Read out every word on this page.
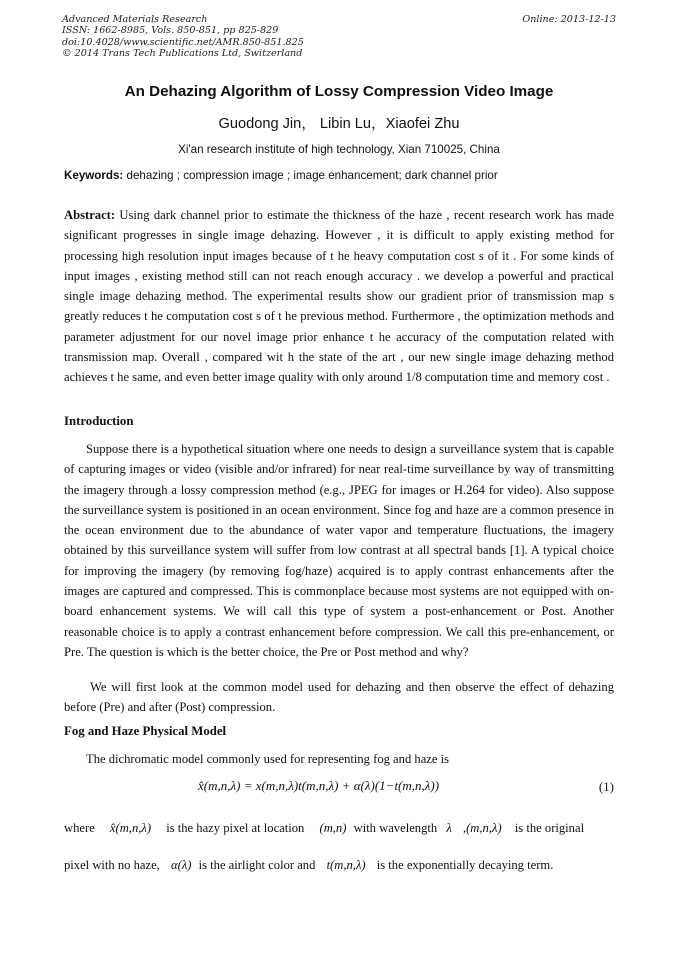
Advanced Materials Research
ISSN: 1662-8985, Vols. 850-851, pp 825-829
doi:10.4028/www.scientific.net/AMR.850-851.825
© 2014 Trans Tech Publications Ltd, Switzerland
Online: 2013-12-13
An Dehazing Algorithm of Lossy Compression Video Image
Guodong Jin， Libin Lu，Xiaofei Zhu
Xi'an research institute of high technology, Xian 710025, China
Keywords: dehazing ; compression image ; image enhancement; dark channel prior

Abstract: Using dark channel prior to estimate the thickness of the haze , recent research work has made significant progresses in single image dehazing. However , it is difficult to apply existing method for processing high resolution input images because of t he heavy computation cost s of it . For some kinds of input images , existing method still can not reach enough accuracy . we develop a powerful and practical single image dehazing method. The experimental results show our gradient prior of transmission map s greatly reduces t he computation cost s of t he previous method. Furthermore , the optimization methods and parameter adjustment for our novel image prior enhance t he accuracy of the computation related with transmission map. Overall , compared wit h the state of the art , our new single image dehazing method achieves t he same, and even better image quality with only around 1/8 computation time and memory cost .

Introduction

Suppose there is a hypothetical situation where one needs to design a surveillance system that is capable of capturing images or video (visible and/or infrared) for near real-time surveillance by way of transmitting the imagery through a lossy compression method (e.g., JPEG for images or H.264 for video). Also suppose the surveillance system is positioned in an ocean environment. Since fog and haze are a common presence in the ocean environment due to the abundance of water vapor and temperature fluctuations, the imagery obtained by this surveillance system will suffer from low contrast at all spectral bands [1]. A typical choice for improving the imagery (by removing fog/haze) acquired is to apply contrast enhancements after the images are captured and compressed. This is commonplace because most systems are not equipped with on-board enhancement systems. We will call this type of system a post-enhancement or Post. Another reasonable choice is to apply a contrast enhancement before compression. We call this pre-enhancement, or Pre. The question is which is the better choice, the Pre or Post method and why?

We will first look at the common model used for dehazing and then observe the effect of dehazing before (Pre) and after (Post) compression.

Fog and Haze Physical Model

The dichromatic model commonly used for representing fog and haze is

x̂(m,n,λ) = x(m,n,λ)t(m,n,λ) + α(λ)(1−t(m,n,λ))	(1)
where x̂(m,n,λ) is the hazy pixel at location (m,n) with wavelength λ ,(m,n,λ) is the original
pixel with no haze, α(λ) is the airlight color and t(m,n,λ) is the exponentially decaying term.
